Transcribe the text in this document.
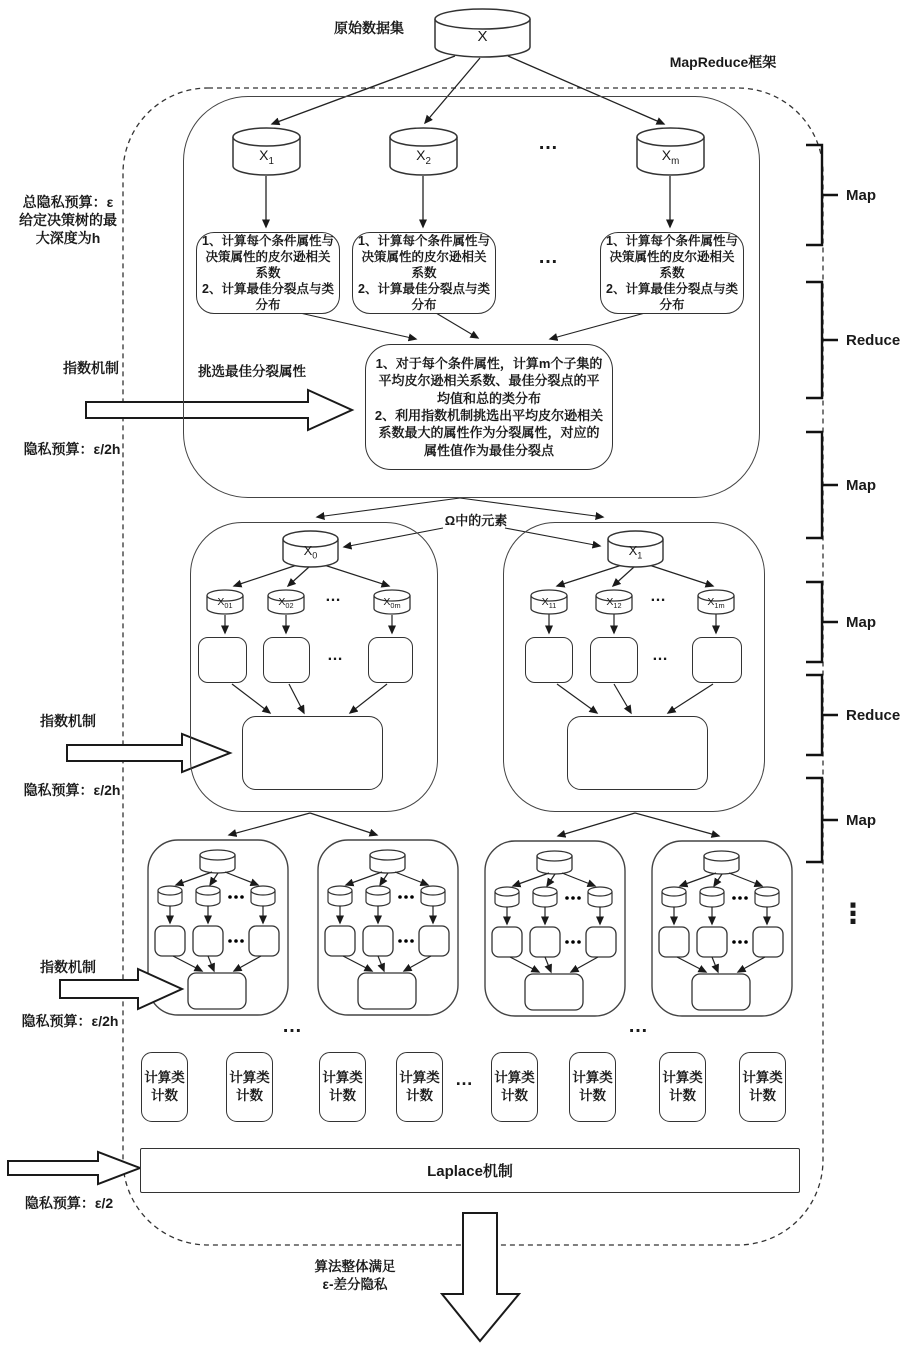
原始数据集
MapReduce框架
X
总隐私预算：ε
给定决策树的最
大深度为h
指数机制	挑选最佳分裂属性
隐私预算：ε/2h
指数机制
隐私预算：ε/2h
指数机制
隐私预算：ε/2h
隐私预算：ε/2
$X_1$	$X_2$	$X_m$
…
1、计算每个条件属性与决策属性的皮尔逊相关系数
2、计算最佳分裂点与类分布
1、计算每个条件属性与决策属性的皮尔逊相关系数
2、计算最佳分裂点与类分布
1、计算每个条件属性与决策属性的皮尔逊相关系数
2、计算最佳分裂点与类分布
…
1、对于每个条件属性，计算m个子集的平均皮尔逊相关系数、最佳分裂点的平均值和总的类分布
2、利用指数机制挑选出平均皮尔逊相关系数最大的属性作为分裂属性，对应的属性值作为最佳分裂点
Ω中的元素
$X_0$	$X_1$
$X_{01}$	$X_{02}$	$X_{0m}$	$X_{11}$	$X_{12}$	$X_{1m}$
…	…
…	…
…	…
计算类
计数
计算类
计数
计算类
计数
计算类
计数
…	计算类
计数
计算类
计数
计算类
计数
计算类
计数
Laplace机制
算法整体满足
ε-差分隐私
Map
Reduce
Map
Map
Reduce
Map
⋮
